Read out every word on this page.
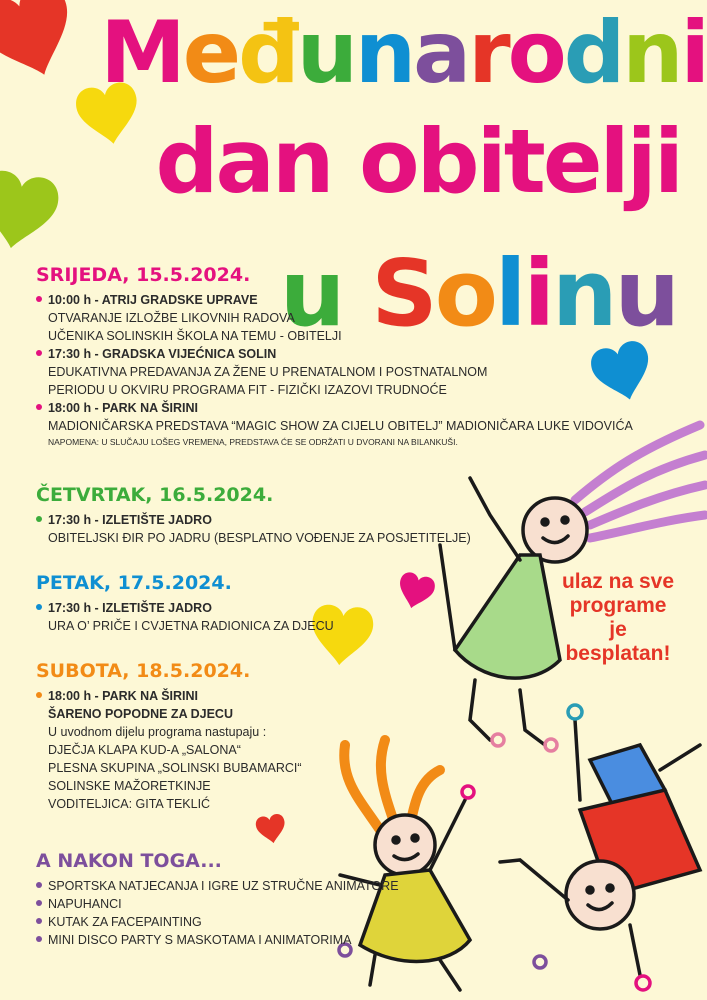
Međunarodni
dan obitelji
u Solinu

SRIJEDA, 15.5.2024.

10:00 h - ATRIJ GRADSKE UPRAVE
OTVARANJE IZLOŽBE LIKOVNIH RADOVA
UČENIKA SOLINSKIH ŠKOLA NA TEMU - OBITELJI
17:30 h - GRADSKA VIJEĆNICA SOLIN
EDUKATIVNA PREDAVANJA ZA ŽENE U PRENATALNOM I POSTNATALNOM
PERIODU U OKVIRU PROGRAMA FIT - FIZIČKI IZAZOVI TRUDNOĆE
18:00 h - PARK NA ŠIRINI
MADIONIČARSKA PREDSTAVA “MAGIC SHOW ZA CIJELU OBITELJ” MADIONIČARA LUKE VIDOVIĆA
NAPOMENA: U SLUČAJU LOŠEG VREMENA, PREDSTAVA ĆE SE ODRŽATI U DVORANI NA BILANKUŠI.

ČETVRTAK, 16.5.2024.

17:30 h - IZLETIŠTE JADRO
OBITELJSKI ĐIR PO JADRU (BESPLATNO VOĐENJE ZA POSJETITELJE)

PETAK, 17.5.2024.

17:30 h - IZLETIŠTE JADRO
URA O’ PRIČE I CVJETNA RADIONICA ZA DJECU

SUBOTA, 18.5.2024.

18:00 h - PARK NA ŠIRINI
ŠARENO POPODNE ZA DJECU
U uvodnom dijelu programa nastupaju :
DJEČJA KLAPA KUD-A „SALONA“
PLESNA SKUPINA „SOLINSKI BUBAMARCI“
SOLINSKE MAŽORETKINJE
VODITELJICA: GITA TEKLIĆ

A NAKON TOGA...

SPORTSKA NATJECANJA I IGRE UZ STRUČNE ANIMATORE
NAPUHANCI
KUTAK ZA FACEPAINTING
MINI DISCO PARTY S MASKOTAMA I ANIMATORIMA
ulaz na sve
programe
je
besplatan!
